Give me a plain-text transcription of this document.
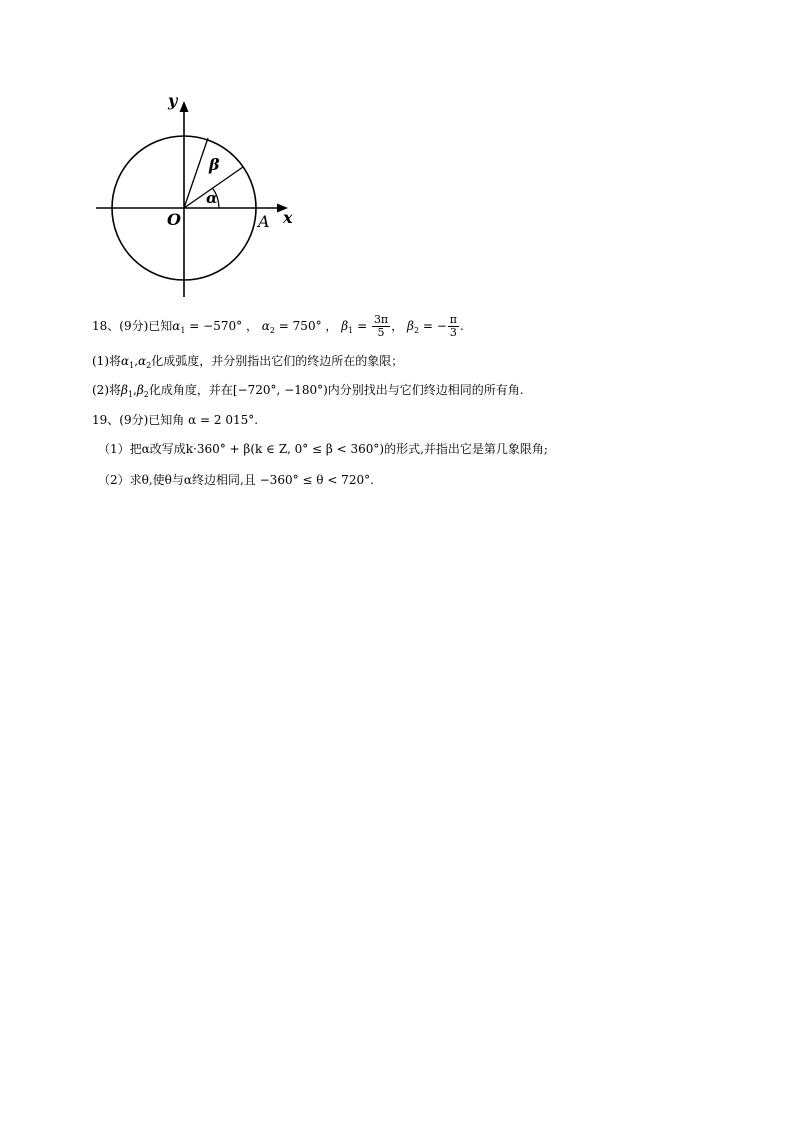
y
x
O	A
α
β
18、(9分)已知$\alpha_1 = -570^\circ$ ， $\alpha_2 = 750^\circ$ ， $\beta_1 = \frac{3\pi}{5}$ ， $\beta_2$ = − $\frac{\pi}{3}$ .
(1)将$\alpha_1,\alpha_2$化成弧度，并分别指出它们的终边所在的象限；
(2)将$\beta_1,\beta_2$化成角度，并在[−720°, −180°)内分别找出与它们终边相同的所有角.
19、(9分)已知角 α = 2 015°.
（1）把α改写成k·360° + β(k ∈ Z, 0° ≤ β < 360°)的形式,并指出它是第几象限角;
（2）求θ,使θ与α终边相同,且 −360° ≤ θ < 720°.
